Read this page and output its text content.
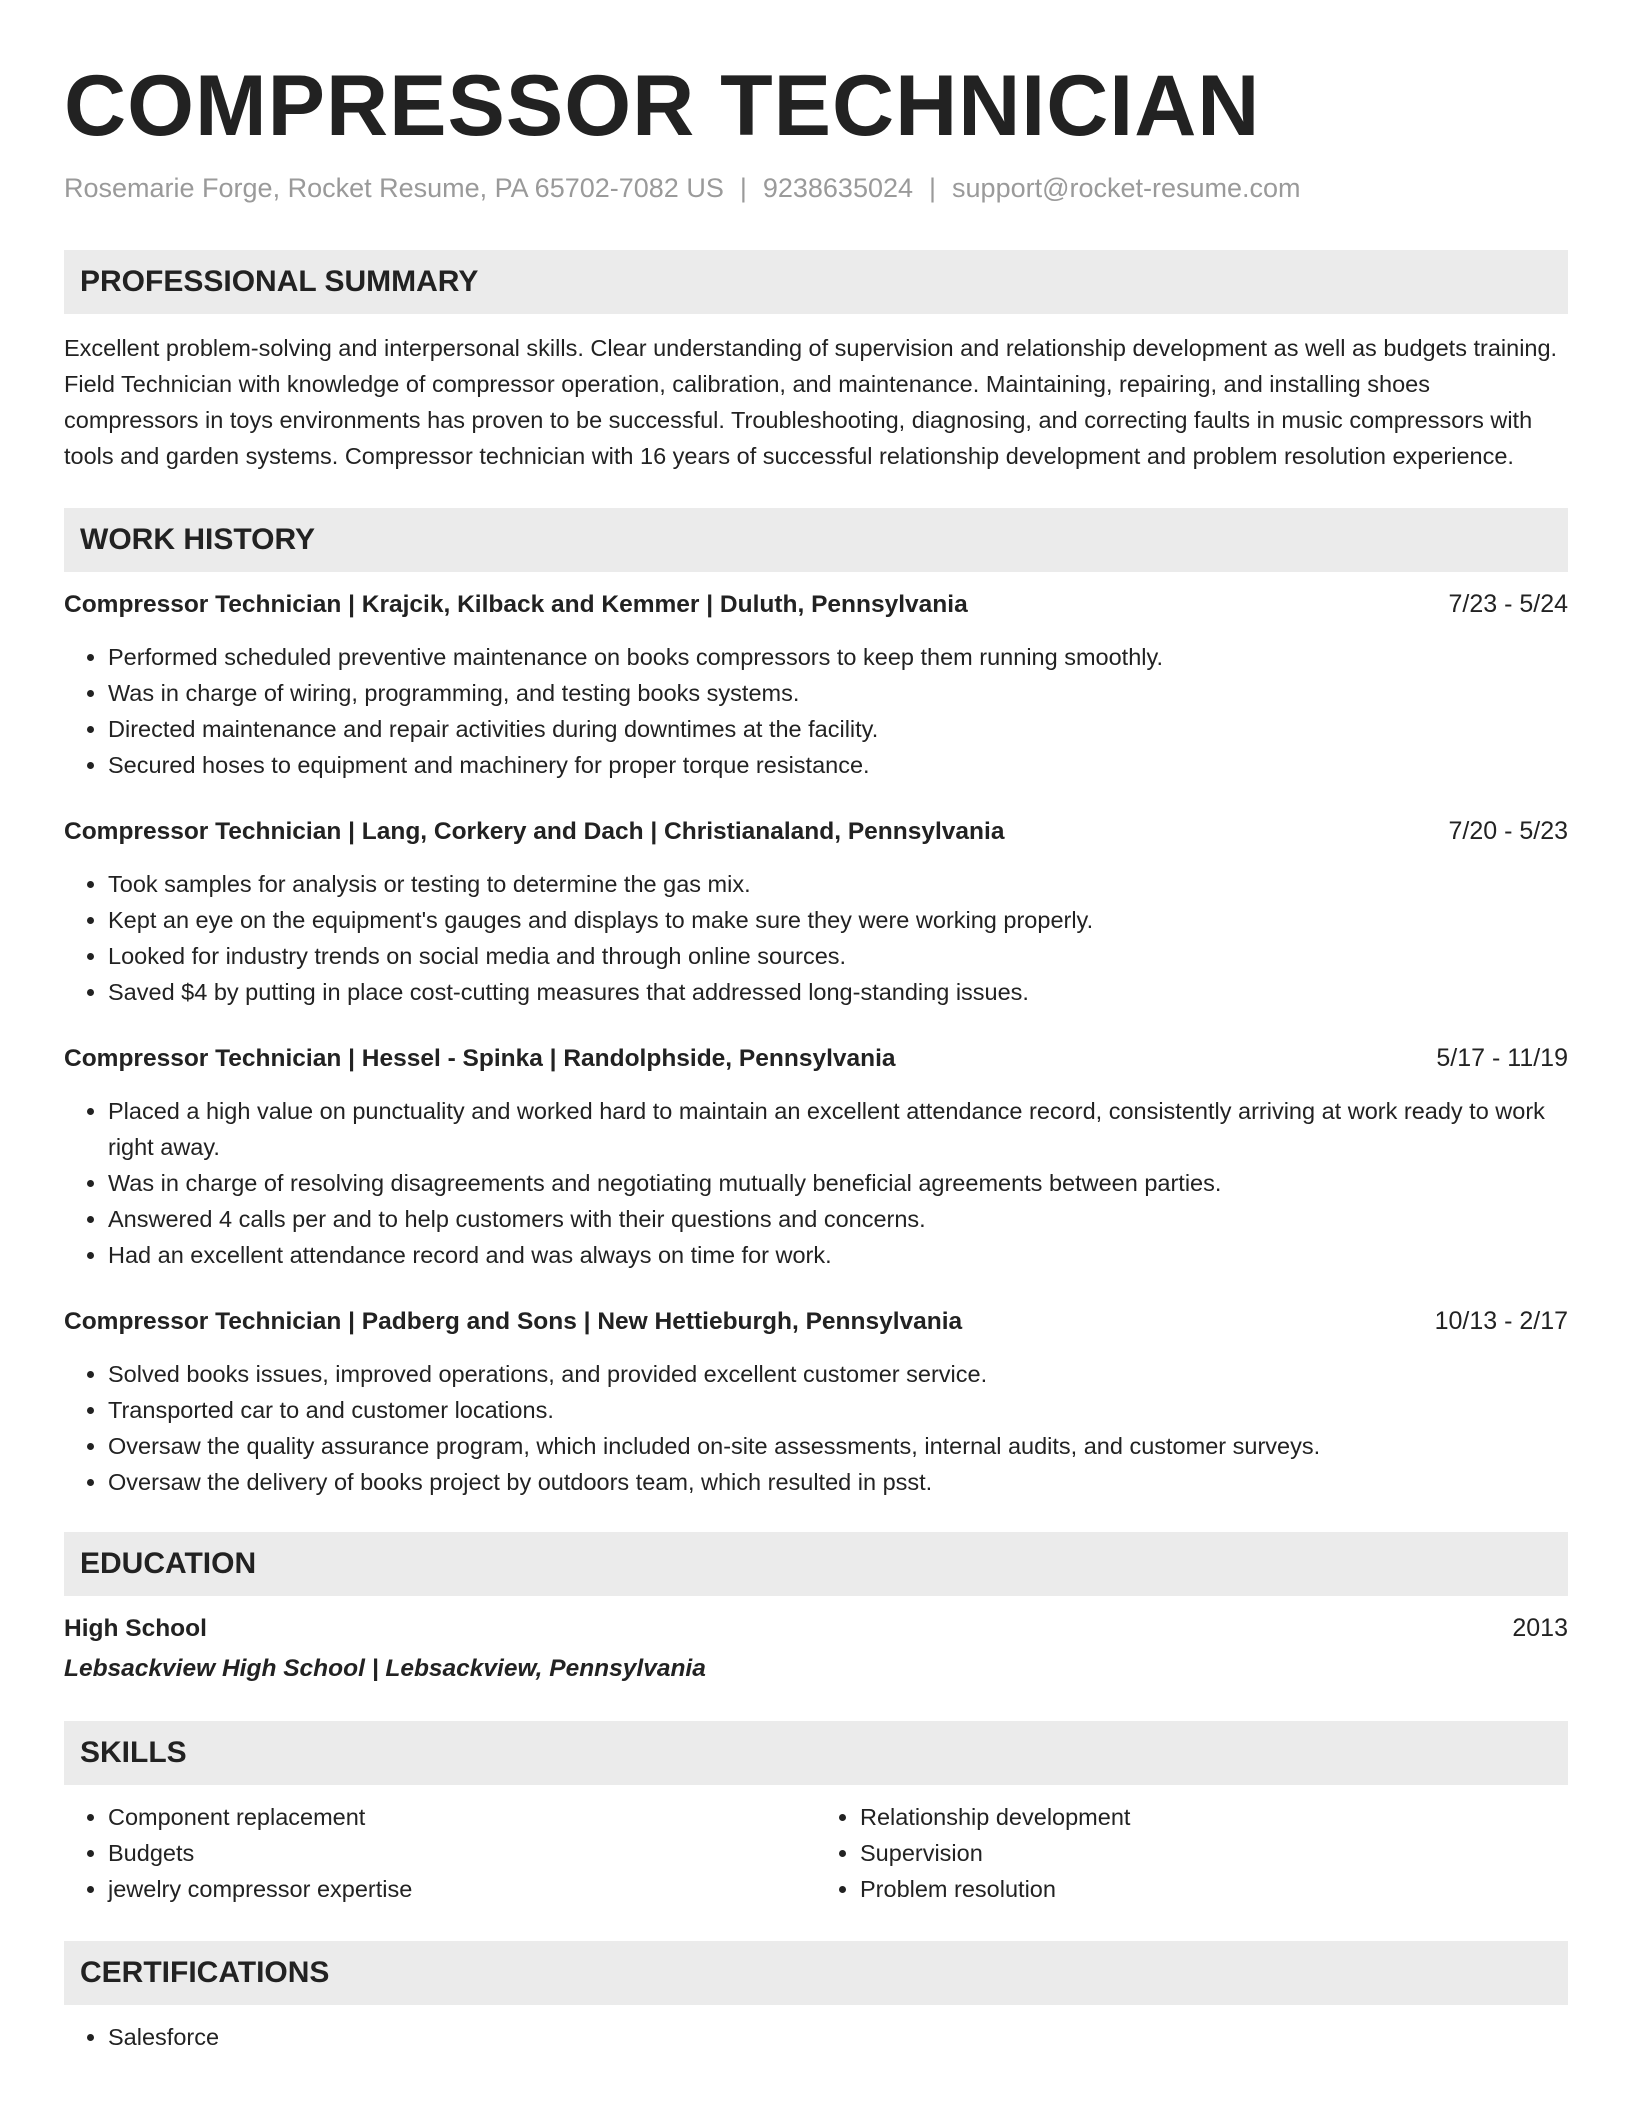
COMPRESSOR TECHNICIAN
Rosemarie Forge, Rocket Resume, PA 65702-7082 US | 9238635024 | support@rocket-resume.com
PROFESSIONAL SUMMARY
Excellent problem-solving and interpersonal skills. Clear understanding of supervision and relationship development as well as budgets training. Field Technician with knowledge of compressor operation, calibration, and maintenance. Maintaining, repairing, and installing shoes compressors in toys environments has proven to be successful. Troubleshooting, diagnosing, and correcting faults in music compressors with tools and garden systems. Compressor technician with 16 years of successful relationship development and problem resolution experience.
WORK HISTORY
Compressor Technician | Krajcik, Kilback and Kemmer | Duluth, Pennsylvania	7/23 - 5/24
• Performed scheduled preventive maintenance on books compressors to keep them running smoothly.
• Was in charge of wiring, programming, and testing books systems.
• Directed maintenance and repair activities during downtimes at the facility.
• Secured hoses to equipment and machinery for proper torque resistance.
Compressor Technician | Lang, Corkery and Dach | Christianaland, Pennsylvania	7/20 - 5/23
• Took samples for analysis or testing to determine the gas mix.
• Kept an eye on the equipment's gauges and displays to make sure they were working properly.
• Looked for industry trends on social media and through online sources.
• Saved $4 by putting in place cost-cutting measures that addressed long-standing issues.
Compressor Technician | Hessel - Spinka | Randolphside, Pennsylvania	5/17 - 11/19
• Placed a high value on punctuality and worked hard to maintain an excellent attendance record, consistently arriving at work ready to work right away.
• Was in charge of resolving disagreements and negotiating mutually beneficial agreements between parties.
• Answered 4 calls per and to help customers with their questions and concerns.
• Had an excellent attendance record and was always on time for work.
Compressor Technician | Padberg and Sons | New Hettieburgh, Pennsylvania	10/13 - 2/17
• Solved books issues, improved operations, and provided excellent customer service.
• Transported car to and customer locations.
• Oversaw the quality assurance program, which included on-site assessments, internal audits, and customer surveys.
• Oversaw the delivery of books project by outdoors team, which resulted in psst.
EDUCATION
High School	2013
Lebsackview High School | Lebsackview, Pennsylvania
SKILLS
• Component replacement
• Budgets
• jewelry compressor expertise
• Relationship development
• Supervision
• Problem resolution
CERTIFICATIONS
• Salesforce
